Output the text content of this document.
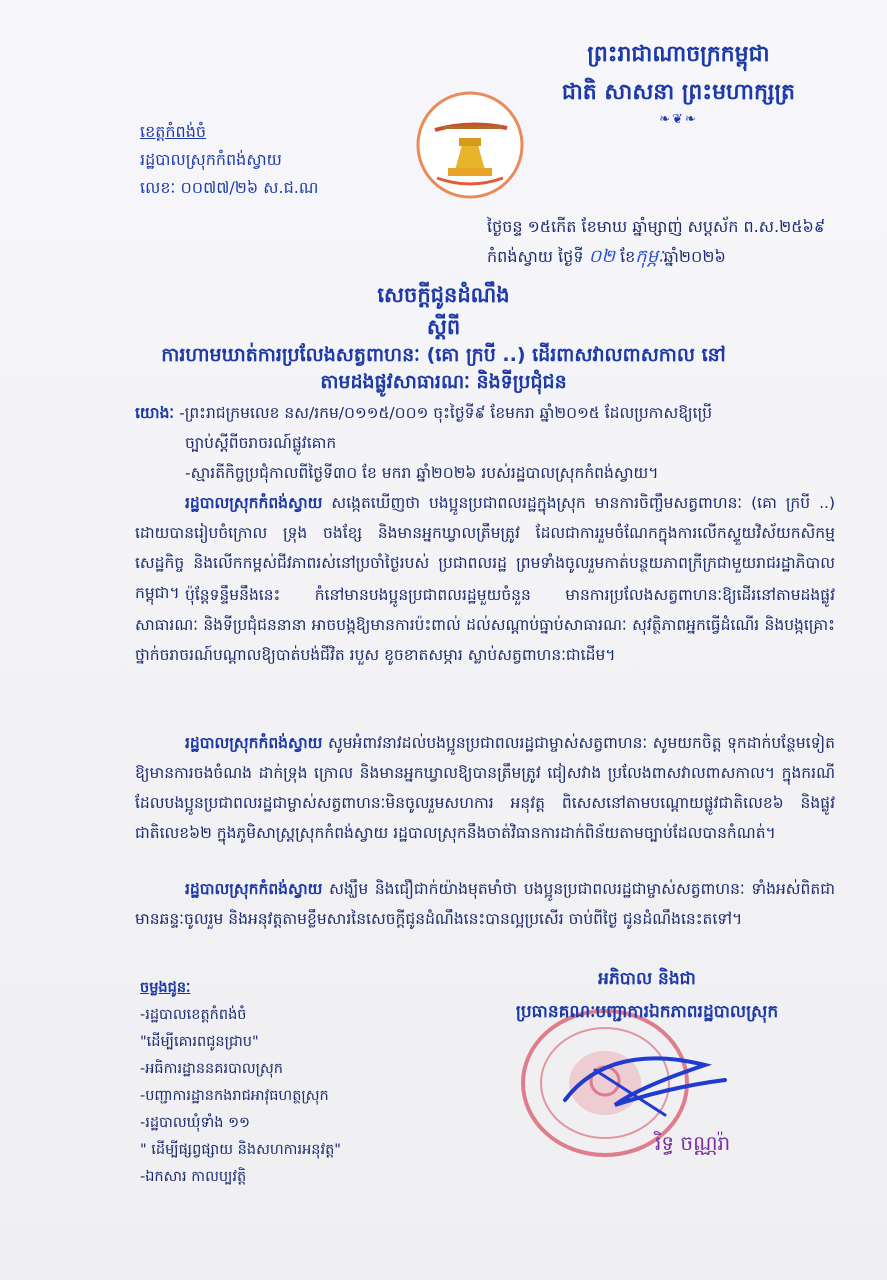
ព្រះរាជាណាចក្រកម្ពុជា
ជាតិ សាសនា ព្រះមហាក្សត្រ
❧❦❧
ខេត្តកំពង់ចំ
រដ្ឋបាលស្រុកកំពង់ស្វាយ
លេខៈ ០០៧៧/២៦ ស.ជ.ណ
ថ្ងៃចន្ទ ១៥កើត ខែមាឃ ឆ្នាំម្សាញ់ សប្តស័ក ព.ស.២៥៦៩
កំពង់ស្វាយ ថ្ងៃទី ០២ ខែកុម្ភៈឆ្នាំ២០២៦
សេចក្តីជូនដំណឹង
ស្តីពី
ការហាមឃាត់ការប្រលែងសត្វពាហនៈ (គោ ក្របី ..) ដើរពាសវាលពាសកាល នៅ
តាមដងផ្លូវសាធារណៈ និងទីប្រជុំជន

យោងៈ -ព្រះរាជក្រមលេខ នស/រកម/០១១៥/០០១ ចុះថ្ងៃទី៩ ខែមករា ឆ្នាំ២០១៥ ដែលប្រកាសឱ្យប្រើ

ច្បាប់ស្តីពីចរាចរណ៍ផ្លូវគោក

-ស្មារតីកិច្ចប្រជុំកាលពីថ្ងៃទី៣០ ខែ មករា ឆ្នាំ២០២៦ របស់រដ្ឋបាលស្រុកកំពង់ស្វាយ។

រដ្ឋបាលស្រុកកំពង់ស្វាយ សង្កេតឃើញថា បងប្អូនប្រជាពលរដ្ឋក្នុងស្រុក មានការចិញ្ចឹមសត្វពាហនៈ (គោ ក្របី ..) ដោយបានរៀបចំក្រោល ទ្រុង ចងខ្សែ និងមានអ្នកឃ្វាលត្រឹមត្រូវ ដែលជាការរួមចំណែកក្នុងការលើកស្ទួយវិស័យកសិកម្ម សេដ្ឋកិច្ច និងលើកកម្ពស់ជីវភាពរស់នៅប្រចាំថ្ងៃរបស់ ប្រជាពលរដ្ឋ ព្រមទាំងចូលរួមកាត់បន្ថយភាពក្រីក្រជាមួយរាជរដ្ឋាភិបាលកម្ពុជា។ ប៉ុន្តែទន្ទឹមនឹងនេះ កំនៅមានបងប្អូនប្រជាពលរដ្ឋមួយចំនួន មានការប្រលែងសត្វពាហនៈឱ្យដើរនៅតាមដងផ្លូវសាធារណៈ និងទីប្រជុំជននានា អាចបង្កឱ្យមានការប៉ះពាល់ ដល់សណ្តាប់ធ្នាប់សាធារណៈ សុវត្ថិភាពអ្នកធ្វើដំណើរ និងបង្កគ្រោះថ្នាក់ចរាចរណ៍បណ្តាលឱ្យបាត់បង់ជីវិត របួស ខូចខាតសម្ភារ ស្លាប់សត្វពាហនៈជាដើម។

រដ្ឋបាលស្រុកកំពង់ស្វាយ សូមអំពាវនាវដល់បងប្អូនប្រជាពលរដ្ឋជាម្ចាស់សត្វពាហនៈ សូមយកចិត្ត ទុកដាក់បន្ថែមទៀតឱ្យមានការចងចំណង ដាក់ទ្រុង ក្រោល និងមានអ្នកឃ្វាលឱ្យបានត្រឹមត្រូវ ជៀសវាង ប្រលែងពាសវាលពាសកាល។ ក្នុងករណីដែលបងប្អូនប្រជាពលរដ្ឋជាម្ចាស់សត្វពាហនៈមិនចូលរួមសហការ អនុវត្ត ពិសេសនៅតាមបណ្តោយផ្លូវជាតិលេខ៦ និងផ្លូវជាតិលេខ៦២ ក្នុងភូមិសាស្ត្រស្រុកកំពង់ស្វាយ រដ្ឋបាលស្រុកនឹងចាត់វិធានការដាក់ពិន័យតាមច្បាប់ដែលបានកំណត់។

រដ្ឋបាលស្រុកកំពង់ស្វាយ សង្ឃឹម និងជឿជាក់យ៉ាងមុតមាំថា បងប្អូនប្រជាពលរដ្ឋជាម្ចាស់សត្វពាហនៈ ទាំងអស់ពិតជាមានឆន្ទៈចូលរួម និងអនុវត្តតាមខ្លឹមសារនៃសេចក្តីជូនដំណឹងនេះបានល្អប្រសើរ ចាប់ពីថ្ងៃ ជូនដំណឹងនេះតទៅ។

ចម្លងជូនៈ
-រដ្ឋបាលខេត្តកំពង់ចំ
"ដើម្បីគោរពជូនជ្រាប"
-អធិការដ្ឋាននគរបាលស្រុក
-បញ្ជាការដ្ឋានកងរាជអាវុធហត្ថស្រុក
-រដ្ឋបាលឃុំទាំង ១១
" ដើម្បីផ្សព្វផ្សាយ និងសហការអនុវត្ត"
-ឯកសារ កាលប្បវត្តិ
អភិបាល និងជា
ប្រធានគណៈបញ្ជាការឯកភាពរដ្ឋបាលស្រុក
រិទ្ធ ចណ្ណរ៉ា
